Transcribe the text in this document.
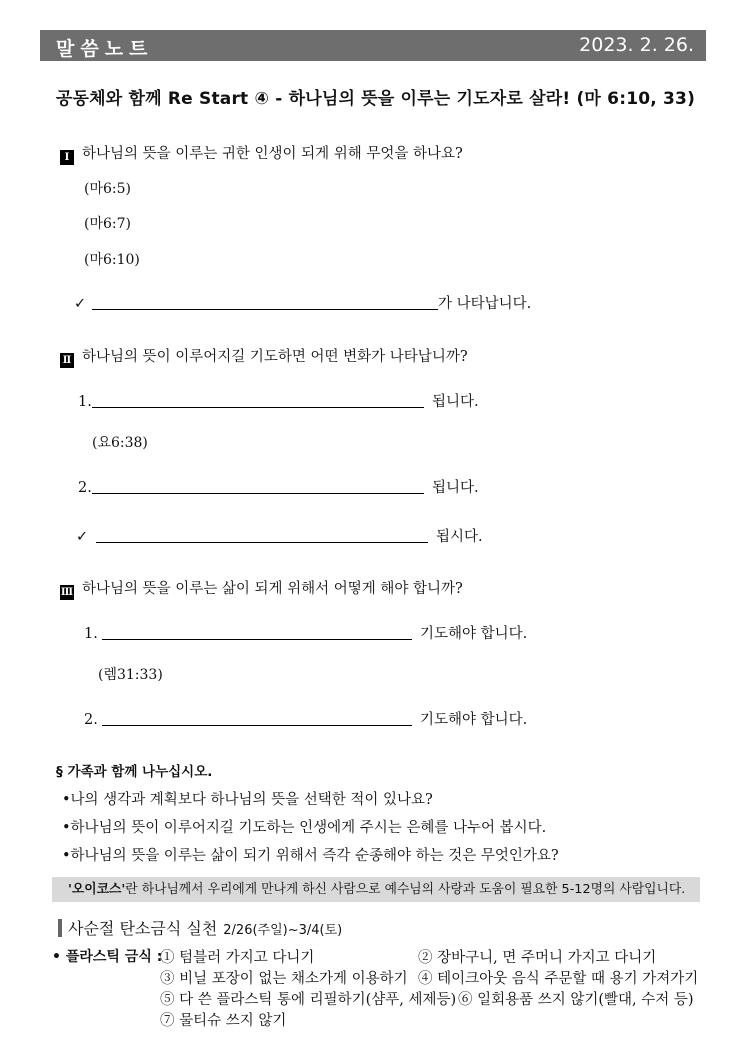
말씀노트	2023. 2. 26.
공동체와 함께 Re Start ④ - 하나님의 뜻을 이루는 기도자로 살라! (마 6:10, 33)
Ⅰ 하나님의 뜻을 이루는 귀한 인생이 되게 위해 무엇을 하나요?
(마6:5)
(마6:7)
(마6:10)
✓	가 나타납니다.
Ⅱ 하나님의 뜻이 이루어지길 기도하면 어떤 변화가 나타납니까?
1.	됩니다.
(요6:38)
2.	됩니다.
✓	됩시다.
Ⅲ 하나님의 뜻을 이루는 삶이 되게 위해서 어떻게 해야 합니까?
1.	기도해야 합니다.
(렘31:33)
2.	기도해야 합니다.
§ 가족과 함께 나누십시오.
•나의 생각과 계획보다 하나님의 뜻을 선택한 적이 있나요?
•하나님의 뜻이 이루어지길 기도하는 인생에게 주시는 은혜를 나누어 봅시다.
•하나님의 뜻을 이루는 삶이 되기 위해서 즉각 순종해야 하는 것은 무엇인가요?
'오이코스'란 하나님께서 우리에게 만나게 하신 사람으로 예수님의 사랑과 도움이 필요한 5-12명의 사람입니다.
사순절 탄소금식 실천 2/26(주일)~3/4(토)
• 플라스틱 금식 :
① 텀블러 가지고 다니기	② 장바구니, 면 주머니 가지고 다니기
③ 비닐 포장이 없는 채소가게 이용하기 ④ 테이크아웃 음식 주문할 때 용기 가져가기
⑤ 다 쓴 플라스틱 통에 리필하기(샴푸, 세제등) ⑥ 일회용품 쓰지 않기(빨대, 수저 등)
⑦ 물티슈 쓰지 않기
